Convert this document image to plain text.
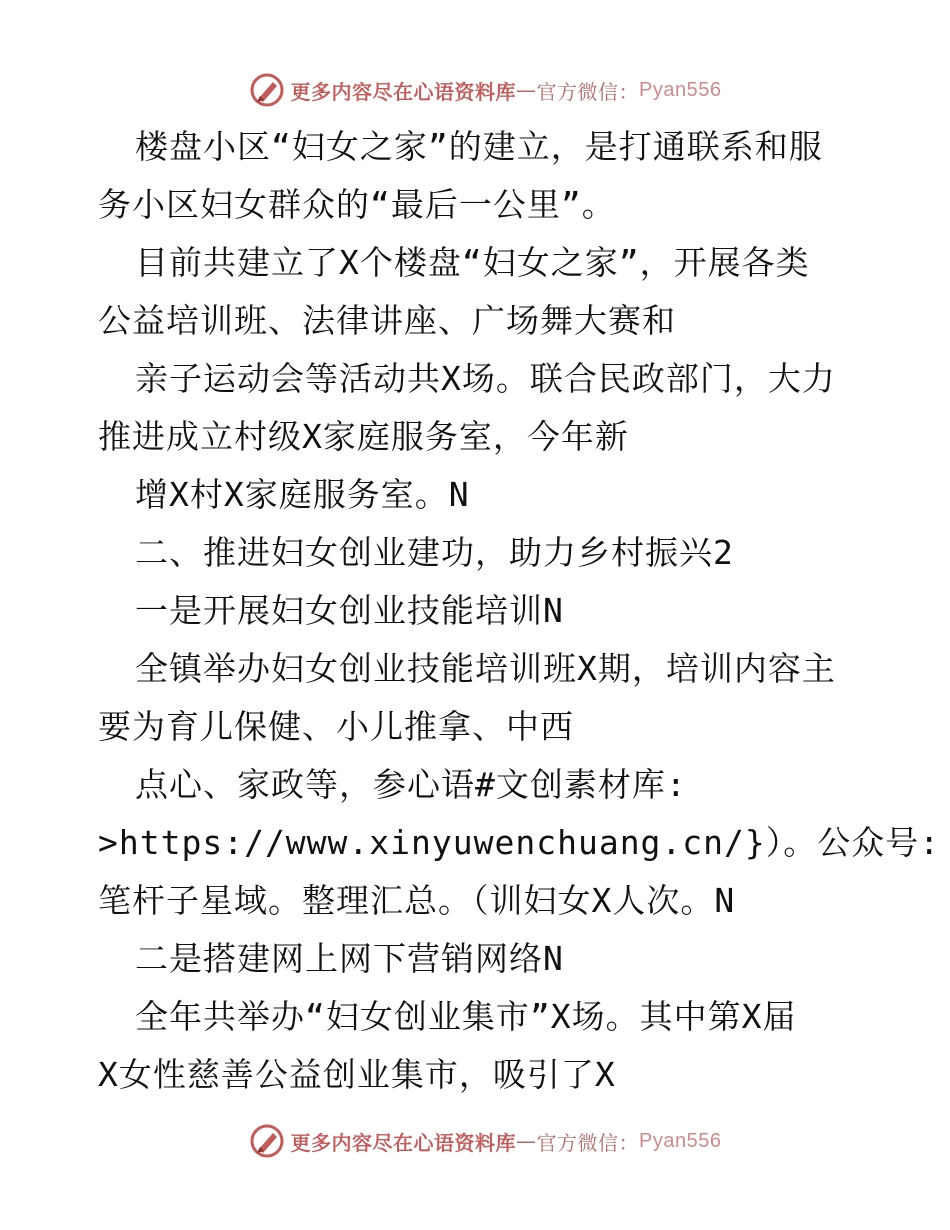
更多内容尽在心语资料库 — 官方微信： Pyan556
楼盘小区“妇女之家”的建立，是打通联系和服
务小区妇女群众的“最后一公里”。
目前共建立了X个楼盘“妇女之家”，开展各类
公益培训班、法律讲座、广场舞大赛和
亲子运动会等活动共X场。联合民政部门，大力
推进成立村级X家庭服务室，今年新
增X村X家庭服务室。N
二、推进妇女创业建功，助力乡村振兴2
一是开展妇女创业技能培训N
全镇举办妇女创业技能培训班X期，培训内容主
要为育儿保健、小儿推拿、中西
点心、家政等，参心语#文创素材库:
>https://www.xinyuwenchuang.cn/}）。公众号:
笔杆子星域。整理汇总。（训妇女X人次。N
二是搭建网上网下营销网络N
全年共举办“妇女创业集市”X场。其中第X届
X女性慈善公益创业集市，吸引了X
更多内容尽在心语资料库 — 官方微信： Pyan556
